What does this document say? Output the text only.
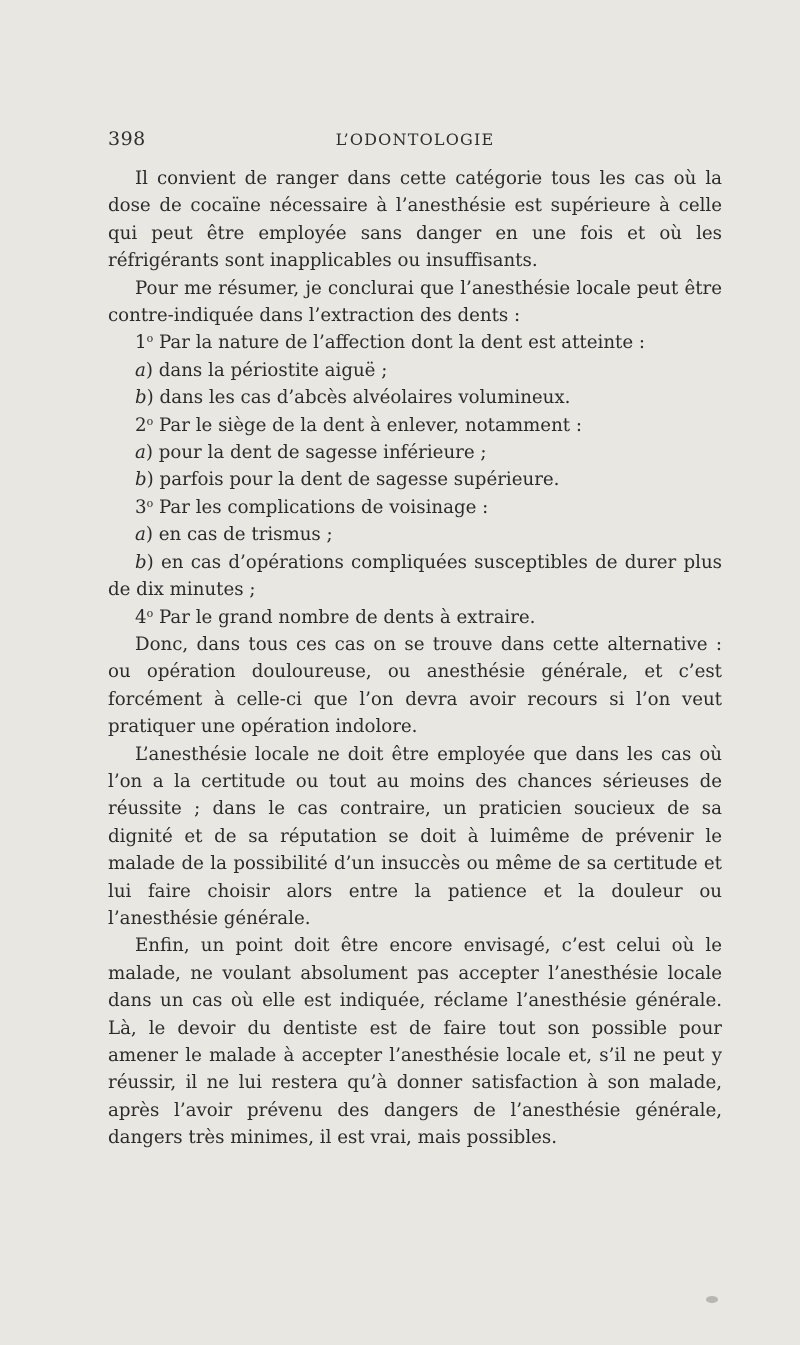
398	L’ODONTOLOGIE

Il convient de ranger dans cette catégorie tous les cas où la dose de cocaïne nécessaire à l’anesthésie est supérieure à celle qui peut être employée sans danger en une fois et où les réfrigérants sont inapplicables ou insuffisants.

Pour me résumer, je conclurai que l’anesthésie locale peut être contre-indiquée dans l’extraction des dents :

1$^o$ Par la nature de l’affection dont la dent est atteinte :

a) dans la périostite aiguë ;

b) dans les cas d’abcès alvéolaires volumineux.

2$^o$ Par le siège de la dent à enlever, notamment :

a) pour la dent de sagesse inférieure ;

b) parfois pour la dent de sagesse supérieure.

3$^o$ Par les complications de voisinage :

a) en cas de trismus ;

b) en cas d’opérations compliquées susceptibles de durer plus de dix minutes ;

4$^o$ Par le grand nombre de dents à extraire.

Donc, dans tous ces cas on se trouve dans cette alternative : ou opération douloureuse, ou anesthésie générale, et c’est forcément à celle-ci que l’on devra avoir recours si l’on veut pratiquer une opération indolore.

L’anesthésie locale ne doit être employée que dans les cas où l’on a la certitude ou tout au moins des chances sérieuses de réussite ; dans le cas contraire, un praticien soucieux de sa dignité et de sa réputation se doit à luimême de prévenir le malade de la possibilité d’un insuccès ou même de sa certitude et lui faire choisir alors entre la patience et la douleur ou l’anesthésie générale.

Enfin, un point doit être encore envisagé, c’est celui où le malade, ne voulant absolument pas accepter l’anesthésie locale dans un cas où elle est indiquée, réclame l’anesthésie générale. Là, le devoir du dentiste est de faire tout son possible pour amener le malade à accepter l’anesthésie locale et, s’il ne peut y réussir, il ne lui restera qu’à donner satisfaction à son malade, après l’avoir prévenu des dangers de l’anesthésie générale, dangers très minimes, il est vrai, mais possibles.
